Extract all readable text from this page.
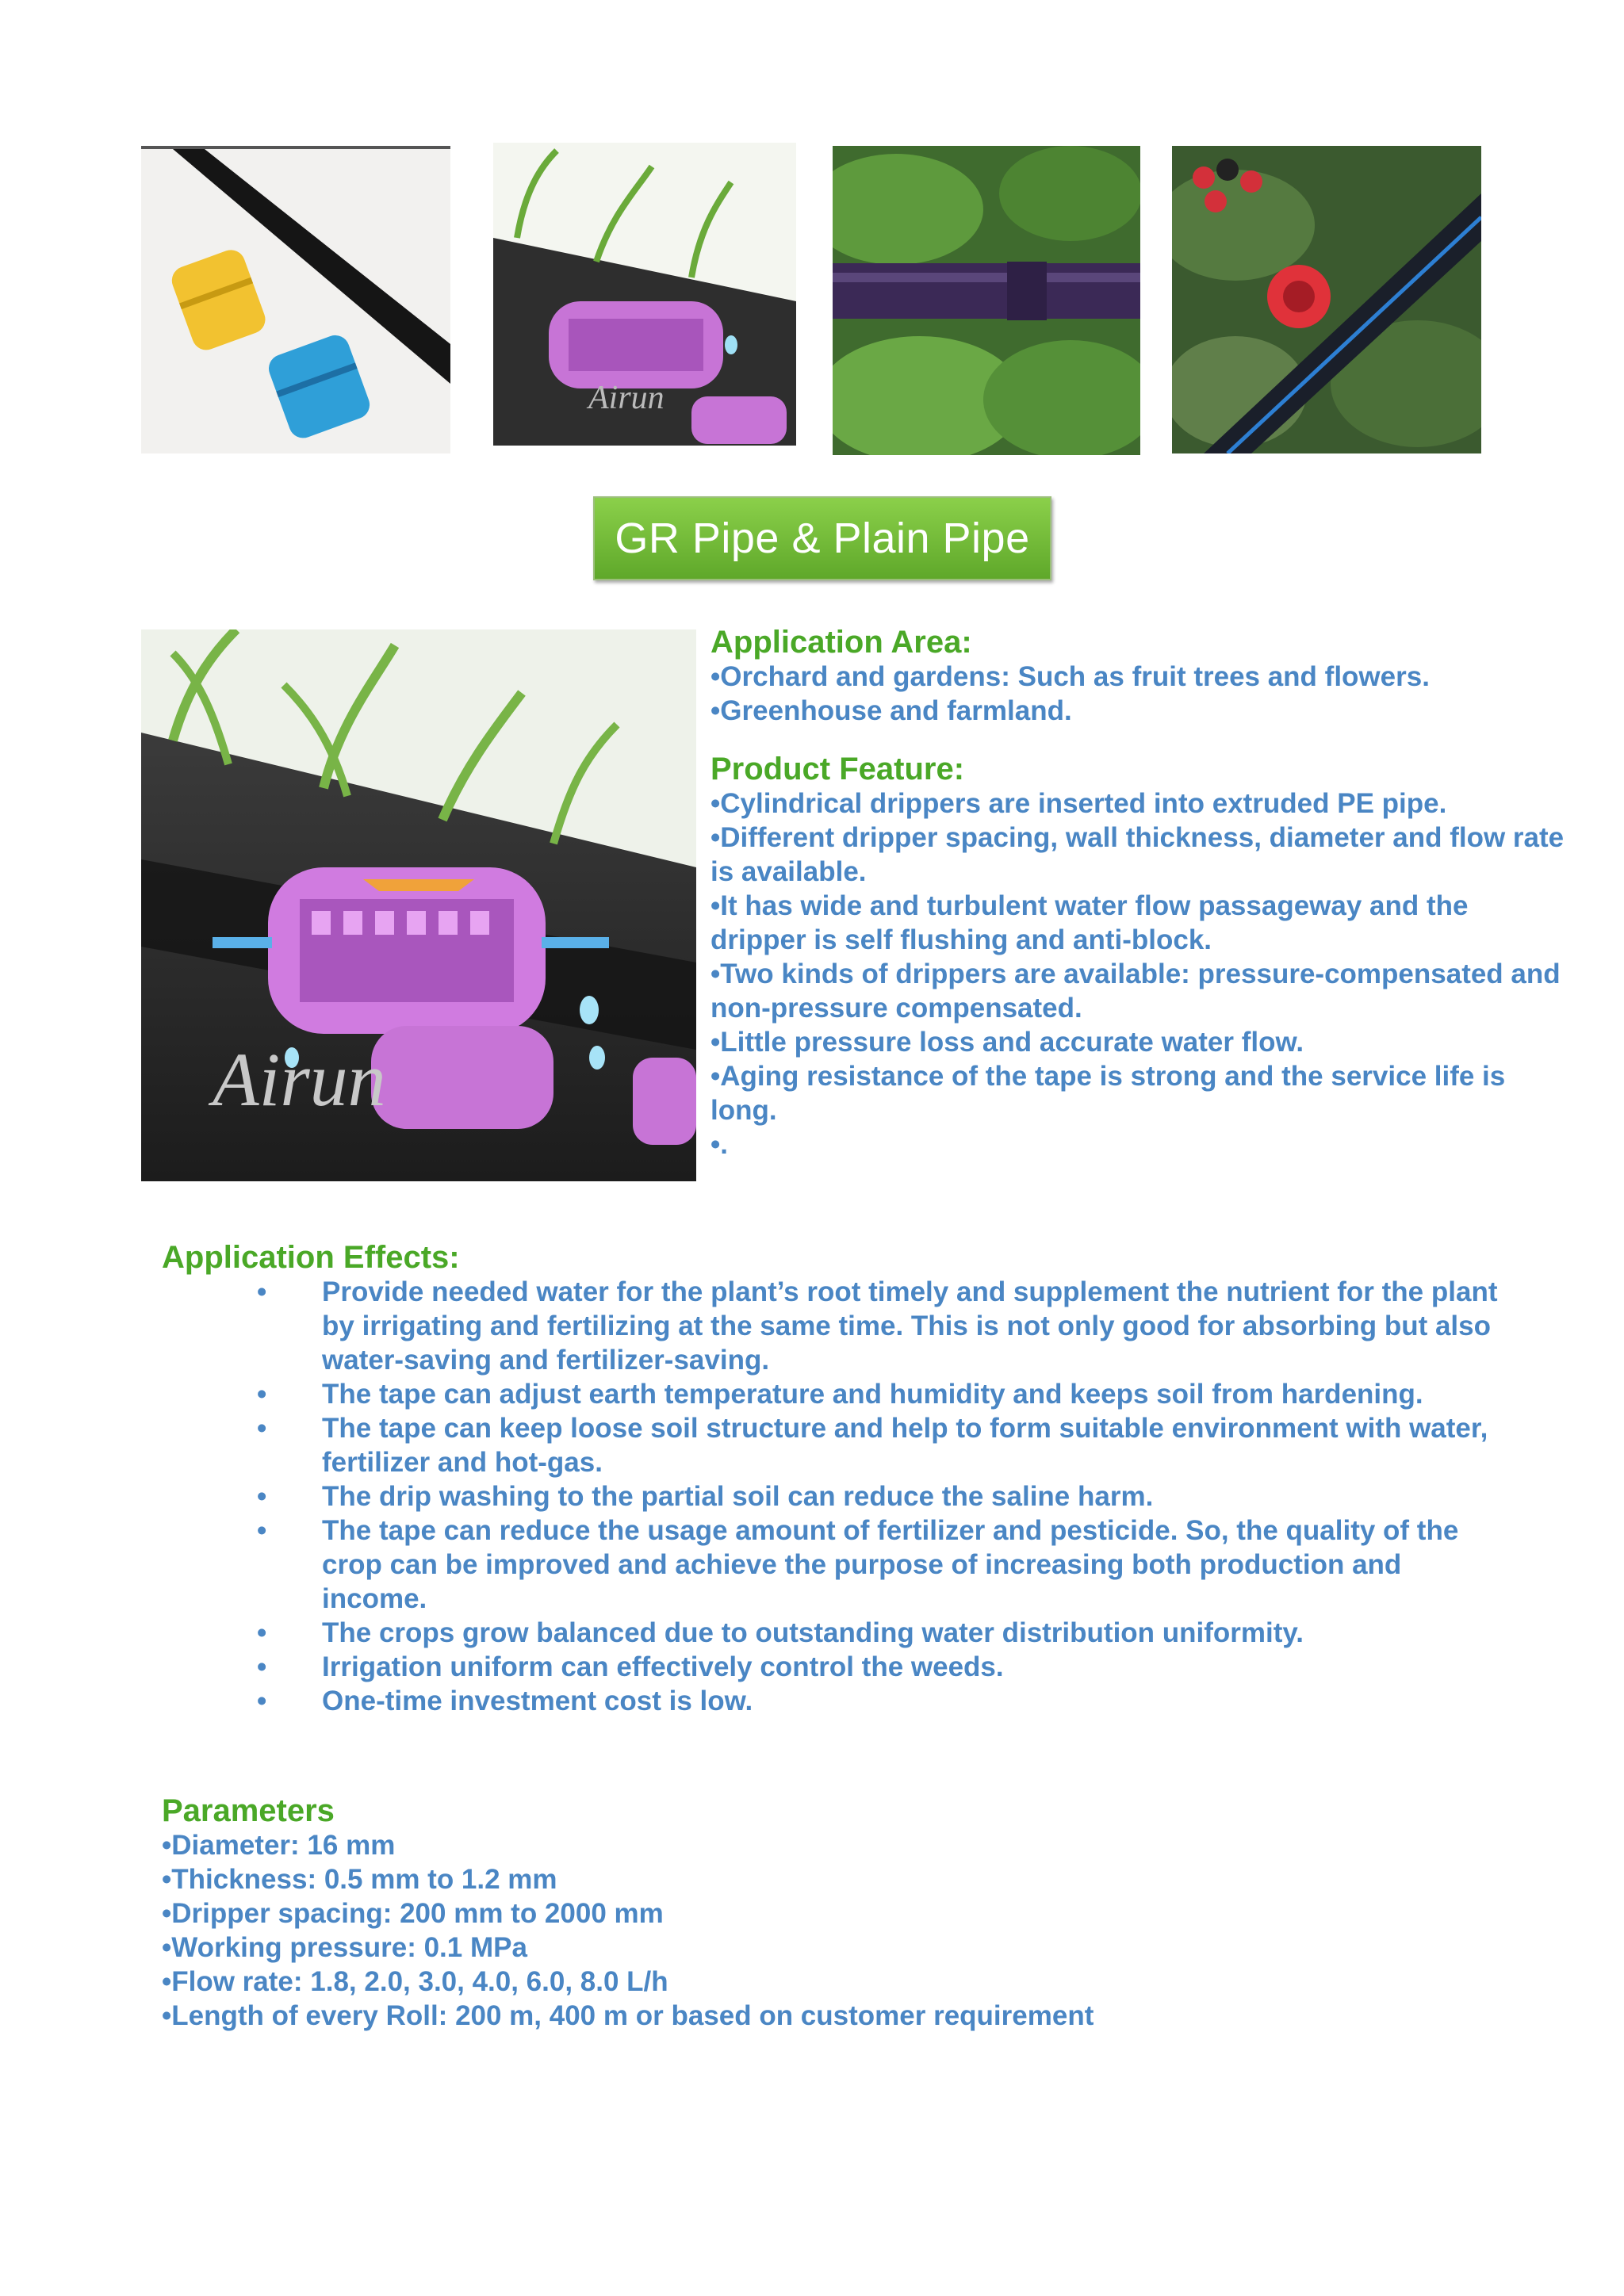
Airun
GR Pipe & Plain Pipe
Airun

Application Area:

•Orchard and gardens: Such as fruit trees and flowers.

•Greenhouse and farmland.

Product Feature:

•Cylindrical drippers are inserted into extruded PE pipe.

•Different dripper spacing, wall thickness, diameter and flow rate is available.

•It has wide and turbulent water flow passageway and the dripper is self flushing and anti-block.

•Two kinds of drippers are available: pressure-compensated and non-pressure compensated.

•Little pressure loss and accurate water flow.

•Aging resistance of the tape is strong and the service life is long.

•.

Application Effects:

• Provide needed water for the plant’s root timely and supplement the nutrient for the plant by irrigating and fertilizing at the same time. This is not only good for absorbing but also water-saving and fertilizer-saving.
• The tape can adjust earth temperature and humidity and keeps soil from hardening.
• The tape can keep loose soil structure and help to form suitable environment with water, fertilizer and hot-gas.
• The drip washing to the partial soil can reduce the saline harm.
• The tape can reduce the usage amount of fertilizer and pesticide. So, the quality of the crop can be improved and achieve the purpose of increasing both production and income.
• The crops grow balanced due to outstanding water distribution uniformity.
• Irrigation uniform can effectively control the weeds.
• One-time investment cost is low.

Parameters

•Diameter: 16 mm

•Thickness: 0.5 mm to 1.2 mm

•Dripper spacing: 200 mm to 2000 mm

•Working pressure: 0.1 MPa

•Flow rate: 1.8, 2.0, 3.0, 4.0, 6.0, 8.0 L/h

•Length of every Roll: 200 m, 400 m or based on customer requirement
